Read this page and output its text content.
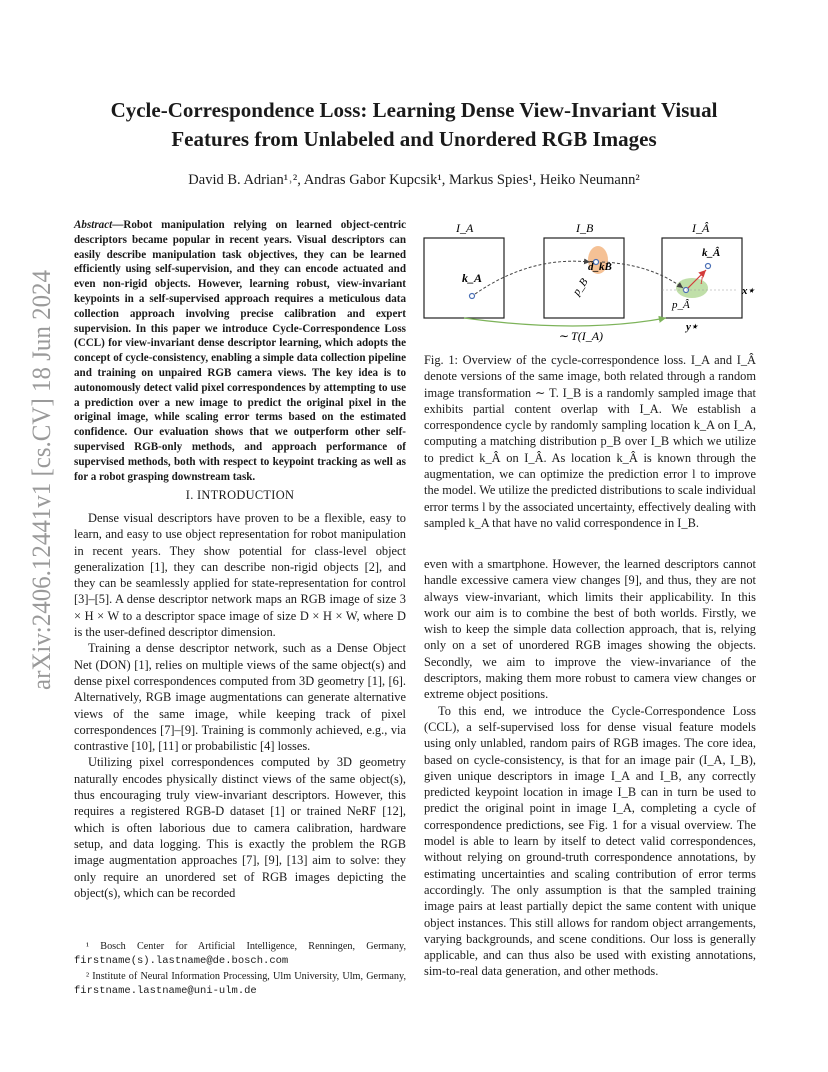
arXiv:2406.12441v1 [cs.CV] 18 Jun 2024
Cycle-Correspondence Loss: Learning Dense View-Invariant Visual
Features from Unlabeled and Unordered RGB Images
David B. Adrian¹˒², Andras Gabor Kupcsik¹, Markus Spies¹, Heiko Neumann²

Abstract—Robot manipulation relying on learned object-centric descriptors became popular in recent years. Visual descriptors can easily describe manipulation task objectives, they can be learned efficiently using self-supervision, and they can encode actuated and even non-rigid objects. However, learning robust, view-invariant keypoints in a self-supervised approach requires a meticulous data collection approach involving precise calibration and expert supervision. In this paper we introduce Cycle-Correspondence Loss (CCL) for view-invariant dense descriptor learning, which adopts the concept of cycle-consistency, enabling a simple data collection pipeline and training on unpaired RGB camera views. The key idea is to autonomously detect valid pixel correspondences by attempting to use a prediction over a new image to predict the original pixel in the original image, while scaling error terms based on the estimated confidence. Our evaluation shows that we outperform other self-supervised RGB-only methods, and approach performance of supervised methods, both with respect to keypoint tracking as well as for a robot grasping downstream task.

I. INTRODUCTION

Dense visual descriptors have proven to be a flexible, easy to learn, and easy to use object representation for robot manipulation in recent years. They show potential for class-level object generalization [1], they can describe non-rigid objects [2], and they can be seamlessly applied for state-representation for control [3]–[5]. A dense descriptor network maps an RGB image of size 3 × H × W to a descriptor space image of size D × H × W, where D is the user-defined descriptor dimension.

Training a dense descriptor network, such as a Dense Object Net (DON) [1], relies on multiple views of the same object(s) and dense pixel correspondences computed from 3D geometry [1], [6]. Alternatively, RGB image augmentations can generate alternative views of the same image, while keeping track of pixel correspondences [7]–[9]. Training is commonly achieved, e.g., via contrastive [10], [11] or probabilistic [4] losses.

Utilizing pixel correspondences computed by 3D geometry naturally encodes physically distinct views of the same object(s), thus encouraging truly view-invariant descriptors. However, this requires a registered RGB-D dataset [1] or trained NeRF [12], which is often laborious due to camera calibration, hardware setup, and data logging. This is exactly the problem the RGB image augmentation approaches [7], [9], [13] aim to solve: they only require an unordered set of RGB images depicting the object(s), which can be recorded

¹ Bosch Center for Artificial Intelligence, Renningen, Germany, firstname(s).lastname@de.bosch.com

² Institute of Neural Information Processing, Ulm University, Ulm, Germany, firstname.lastname@uni-ulm.de

I_A	I_B	I_Â
k_A	p_B
d̄_kB
k_Â
p_Â
l
x⋆
y⋆
∼ T(I_A)
Fig. 1: Overview of the cycle-correspondence loss. I_A and I_Â denote versions of the same image, both related through a random image transformation ∼ T. I_B is a randomly sampled image that exhibits partial content overlap with I_A. We establish a correspondence cycle by randomly sampling location k_A on I_A, computing a matching distribution p_B over I_B which we utilize to predict k_Â on I_Â. As location k_Â is known through the augmentation, we can optimize the prediction error l to improve the model. We utilize the predicted distributions to scale individual error terms l by the associated uncertainty, effectively dealing with sampled k_A that have no valid correspondence in I_B.

even with a smartphone. However, the learned descriptors cannot handle excessive camera view changes [9], and thus, they are not always view-invariant, which limits their applicability. In this work our aim is to combine the best of both worlds. Firstly, we wish to keep the simple data collection approach, that is, relying only on a set of unordered RGB images showing the objects. Secondly, we aim to improve the view-invariance of the descriptors, making them more robust to camera view changes or extreme object positions.

To this end, we introduce the Cycle-Correspondence Loss (CCL), a self-supervised loss for dense visual feature models using only unlabled, random pairs of RGB images. The core idea, based on cycle-consistency, is that for an image pair (I_A, I_B), given unique descriptors in image I_A and I_B, any correctly predicted keypoint location in image I_B can in turn be used to predict the original point in image I_A, completing a cycle of correspondence predictions, see Fig. 1 for a visual overview. The model is able to learn by itself to detect valid correspondences, without relying on ground-truth correspondence annotations, by estimating uncertainties and scaling contribution of error terms accordingly. The only assumption is that the sampled training image pairs at least partially depict the same content with unique object instances. This still allows for random object arrangements, varying backgrounds, and scene conditions. Our loss is generally applicable, and can thus also be used with existing annotations, sim-to-real data generation, and other methods.
